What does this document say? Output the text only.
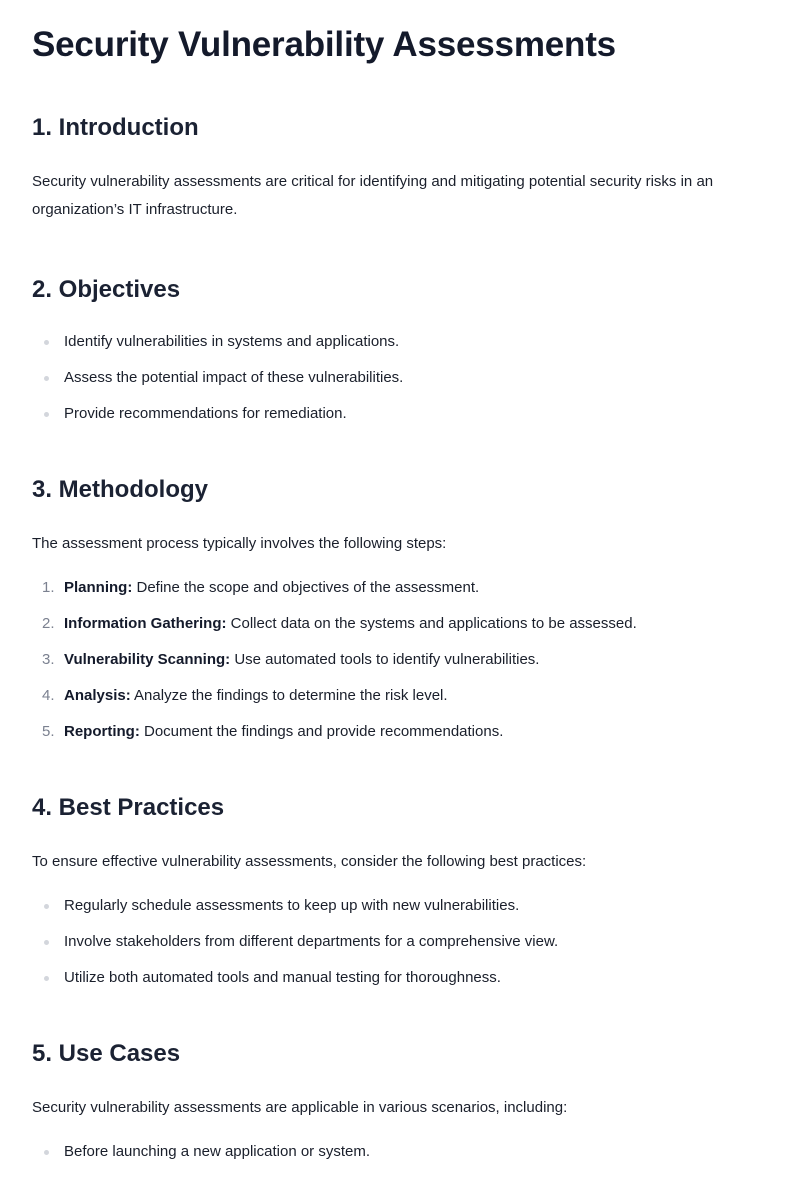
Security Vulnerability Assessments
1. Introduction

Security vulnerability assessments are critical for identifying and mitigating potential security risks in an organization’s IT infrastructure.

2. Objectives
Identify vulnerabilities in systems and applications.
Assess the potential impact of these vulnerabilities.
Provide recommendations for remediation.
3. Methodology

The assessment process typically involves the following steps:

1. Planning: Define the scope and objectives of the assessment.
2. Information Gathering: Collect data on the systems and applications to be assessed.
3. Vulnerability Scanning: Use automated tools to identify vulnerabilities.
4. Analysis: Analyze the findings to determine the risk level.
5. Reporting: Document the findings and provide recommendations.
4. Best Practices

To ensure effective vulnerability assessments, consider the following best practices:

Regularly schedule assessments to keep up with new vulnerabilities.
Involve stakeholders from different departments for a comprehensive view.
Utilize both automated tools and manual testing for thoroughness.
5. Use Cases

Security vulnerability assessments are applicable in various scenarios, including:

Before launching a new application or system.
